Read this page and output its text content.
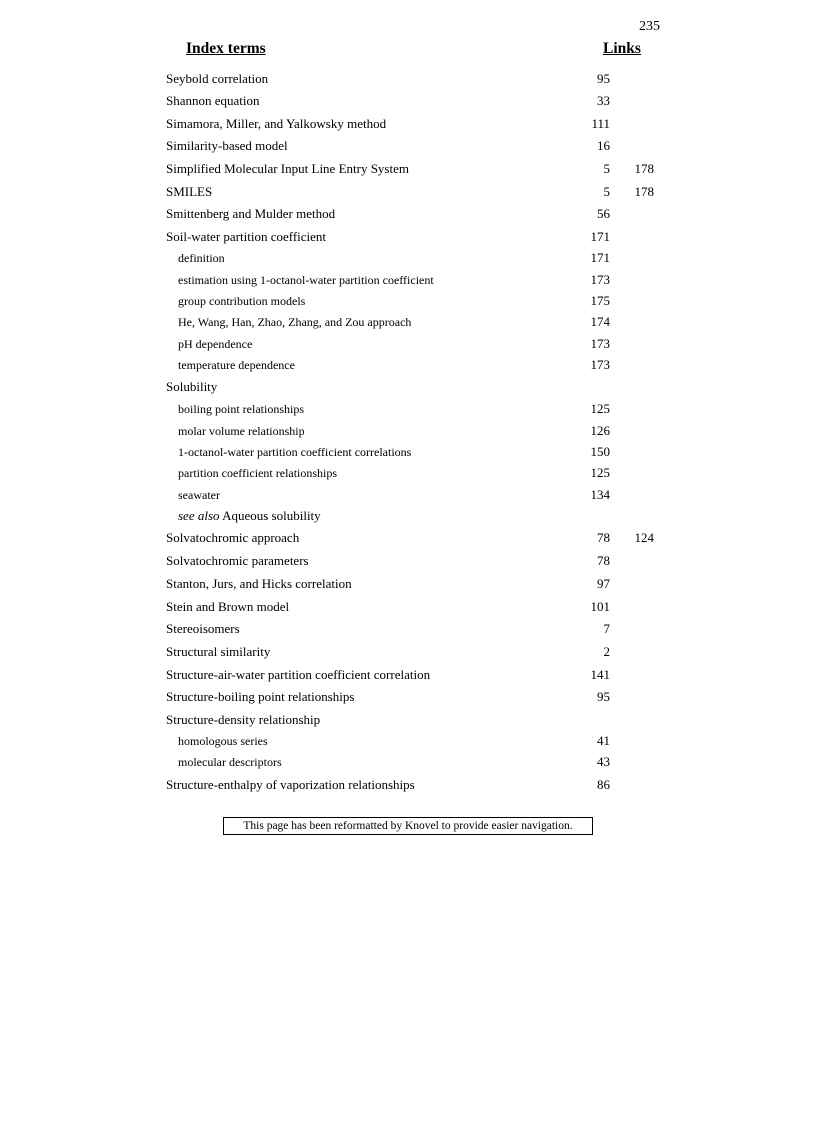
235
Index terms	Links
Seybold correlation	95
Shannon equation	33
Simamora, Miller, and Yalkowsky method	111
Similarity-based model	16
Simplified Molecular Input Line Entry System	5	178
SMILES	5	178
Smittenberg and Mulder method	56
Soil-water partition coefficient	171
definition	171
estimation using 1-octanol-water partition coefficient	173
group contribution models	175
He, Wang, Han, Zhao, Zhang, and Zou approach	174
pH dependence	173
temperature dependence	173
Solubility
boiling point relationships	125
molar volume relationship	126
1-octanol-water partition coefficient correlations	150
partition coefficient relationships	125
seawater	134
see also Aqueous solubility
Solvatochromic approach	78	124
Solvatochromic parameters	78
Stanton, Jurs, and Hicks correlation	97
Stein and Brown model	101
Stereoisomers	7
Structural similarity	2
Structure-air-water partition coefficient correlation	141
Structure-boiling point relationships	95
Structure-density relationship
homologous series	41
molecular descriptors	43
Structure-enthalpy of vaporization relationships	86
This page has been reformatted by Knovel to provide easier navigation.
